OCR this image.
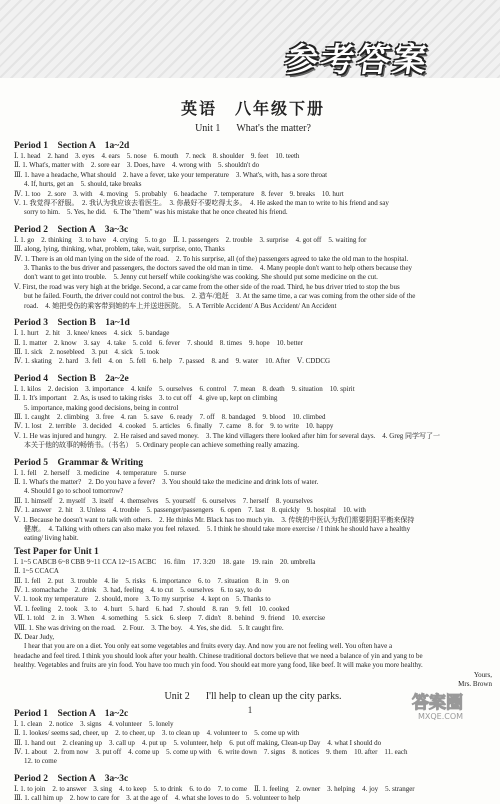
参考答案
英语　八年级下册
Unit 1 What's the matter?
Period 1　Section A　1a~2d
Ⅰ. 1. head　2. hand　3. eyes　4. ears　5. nose　6. mouth　7. neck　8. shoulder　9. feet　10. teeth
Ⅱ. 1. What's, matter with　2. sore ear　3. Does, have　4. wrong with　5. shouldn't do
Ⅲ. 1. have a headache, What should　2. have a fever, take your temperature　3. What's, with, has a sore throat
4. If, hurts, get an　5. should, take breaks
Ⅳ. 1. too　2. sore　3. with　4. moving　5. probably　6. headache　7. temperature　8. fever　9. breaks　10. hurt
Ⅴ. 1. 我觉得不舒服。　2. 我认为我应该去看医生。　3. 你最好不要吃得太多。　4. He asked the man to write to his friend and say
sorry to him.　5. Yes, he did.　6. The "them" was his mistake that he once cheated his friend.
Period 2　Section A　3a~3c
Ⅰ. 1. go　2. thinking　3. to have　4. crying　5. to go　Ⅱ. 1. passengers　2. trouble　3. surprise　4. got off　5. waiting for
Ⅲ. along, lying, thinking, what, problem, take, wait, surprise, onto, Thanks
Ⅳ. 1. There is an old man lying on the side of the road.　2. To his surprise, all (of the) passengers agreed to take the old man to the hospital.
3. Thanks to the bus driver and passengers, the doctors saved the old man in time.　4. Many people don't want to help others because they
don't want to get into trouble.　5. Jenny cut herself while cooking/she was cooking. She should put some medicine on the cut.
Ⅴ. First, the road was very high at the bridge. Second, a car came from the other side of the road. Third, he bus driver tried to stop the bus
but he failed. Fourth, the driver could not control the bus.　2. 造车/追赶　3. At the same time, a car was coming from the other side of the
road.　4. 她把受伤的乘客带到她的车上并送进医院。　5. A Terrible Accident/ A Bus Accident/ An Accident
Period 3　Section B　1a~1d
Ⅰ. 1. hurt　2. hit　3. knee/ knees　4. sick　5. bandage
Ⅱ. 1. matter　2. know　3. say　4. take　5. cold　6. fever　7. should　8. times　9. hope　10. better
Ⅲ. 1. sick　2. nosebleed　3. put　4. sick　5. took
Ⅳ. 1. skating　2. hard　3. fell　4. on　5. fell　6. help　7. passed　8. and　9. water　10. After　Ⅴ. CDDCG
Period 4　Section B　2a~2e
Ⅰ. 1. kilos　2. decision　3. importance　4. knife　5. ourselves　6. control　7. mean　8. death　9. situation　10. spirit
Ⅱ. 1. It's important　2. As, is used to taking risks　3. to cut off　4. give up, kept on climbing
5. importance, making good decisions, being in control
Ⅲ. 1. caught　2. climbing　3. free　4. ran　5. save　6. ready　7. off　8. bandaged　9. blood　10. climbed
Ⅳ. 1. lost　2. terrible　3. decided　4. cooked　5. articles　6. finally　7. came　8. for　9. to write　10. happy
Ⅴ. 1. He was injured and hungry.　2. He raised and saved money.　3. The kind villagers there looked after him for several days.　4. Greg 同学写了一
本关于他的故事的畅销书。（书名）　5. Ordinary people can achieve something really amazing.
Period 5　Grammar & Writing
Ⅰ. 1. fell　2. herself　3. medicine　4. temperature　5. nurse
Ⅱ. 1. What's the matter?　2. Do you have a fever?　3. You should take the medicine and drink lots of water.
4. Should I go to school tomorrow?
Ⅲ. 1. himself　2. myself　3. itself　4. themselves　5. yourself　6. ourselves　7. herself　8. yourselves
Ⅳ. 1. answer　2. hit　3. Unless　4. trouble　5. passenger/passengers　6. open　7. last　8. quickly　9. hospital　10. with
Ⅴ. 1. Because he doesn't want to talk with others.　2. He thinks Mr. Black has too much yin.　3. 传统的中医认为我们需要阴阳平衡来保持
健康。　4. Talking with others can also make you feel relaxed.　5. I think he should take more exercise / I think he should have a healthy
eating/ living habit.
Test Paper for Unit 1
Ⅰ. 1~5 CABCB 6~8 CBB 9~11 CCA 12~15 ACBC　16. film　17. 3:20　18. gate　19. rain　20. umbrella
Ⅱ. 1~5 CCACA
Ⅲ. 1. fell　2. put　3. trouble　4. lie　5. risks　6. importance　6. to　7. situation　8. in　9. on
Ⅳ. 1. stomachache　2. drink　3. had, feeling　4. to cut　5. ourselves　6. to say, to do
Ⅴ. 1. took my temperature　2. should, more　3. To my surprise　4. kept on　5. Thanks to
Ⅵ. 1. feeling　2. took　3. to　4. hurt　5. hard　6. had　7. should　8. ran　9. fell　10. cooked
Ⅶ. 1. told　2. in　3. When　4. something　5. sick　6. sleep　7. didn't　8. behind　9. friend　10. exercise
Ⅷ. 1. She was driving on the road.　2. Four.　3. The boy.　4. Yes, she did.　5. It caught fire.
Ⅸ. Dear Judy,
I hear that you are on a diet. You only eat some vegetables and fruits every day. And now you are not feeling well. You often have a
headache and feel tired. I think you should look after your health. Chinese traditional doctors believe that we need a balance of yin and yang to be
healthy. Vegetables and fruits are yin food. You have too much yin food. You should eat more yang food, like beef. It will make you more healthy.
Yours,
Mrs. Brown
Unit 2 I'll help to clean up the city parks.
Period 1　Section A　1a~2c
Ⅰ. 1. clean　2. notice　3. signs　4. volunteer　5. lonely
Ⅱ. 1. lookes/ seems sad, cheer, up　2. to cheer, up　3. to clean up　4. volunteer to　5. come up with
Ⅲ. 1. hand out　2. cleaning up　3. call up　4. put up　5. volunteer, help　6. put off making, Clean-up Day　4. what I should do
Ⅳ. 1. about　2. from now　3. put off　4. come up　5. come up with　6. write down　7. signs　8. notices　9. them　10. after　11. each
12. to come
Period 2　Section A　3a~3c
Ⅰ. 1. to join　2. to answer　3. sing　4. to keep　5. to drink　6. to do　7. to come　Ⅱ. 1. feeling　2. owner　3. helping　4. joy　5. stranger
Ⅲ. 1. call him up　2. how to care for　3. at the age of　4. what she loves to do　5. volunteer to help
1	答案圈
MXQE.COM
